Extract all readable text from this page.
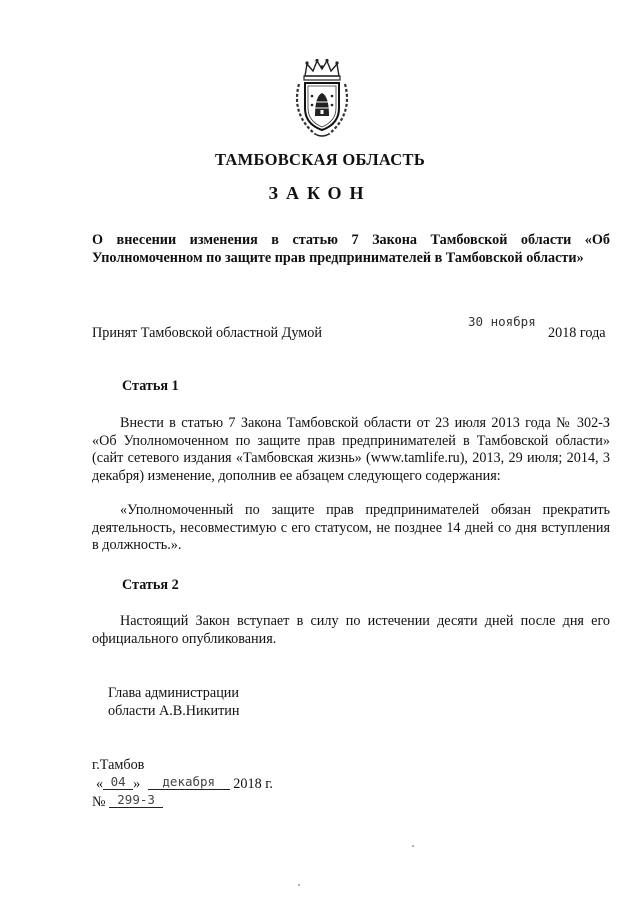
ТАМБОВСКАЯ ОБЛАСТЬ
ЗАКОН
О внесении изменения в статью 7 Закона Тамбовской области «Об Уполномоченном по защите прав предпринимателей в Тамбовской области»
Принят Тамбовской областной Думой
30 ноября
2018 года
Статья 1
Внести в статью 7 Закона Тамбовской области от 23 июля 2013 года № 302-З «Об Уполномоченном по защите прав предпринимателей в Тамбовской области» (сайт сетевого издания «Тамбовская жизнь» (www.tamlife.ru), 2013, 29 июля; 2014, 3 декабря) изменение, дополнив ее абзацем следующего содержания:
«Уполномоченный по защите прав предпринимателей обязан прекратить деятельность, несовместимую с его статусом, не позднее 14 дней со дня вступления в должность.».
Статья 2
Настоящий Закон вступает в силу по истечении десяти дней после дня его официального опубликования.
Глава администрации
области А.В.Никитин
г.Тамбов
« 04 » декабря 2018 г.
№ 299-З
